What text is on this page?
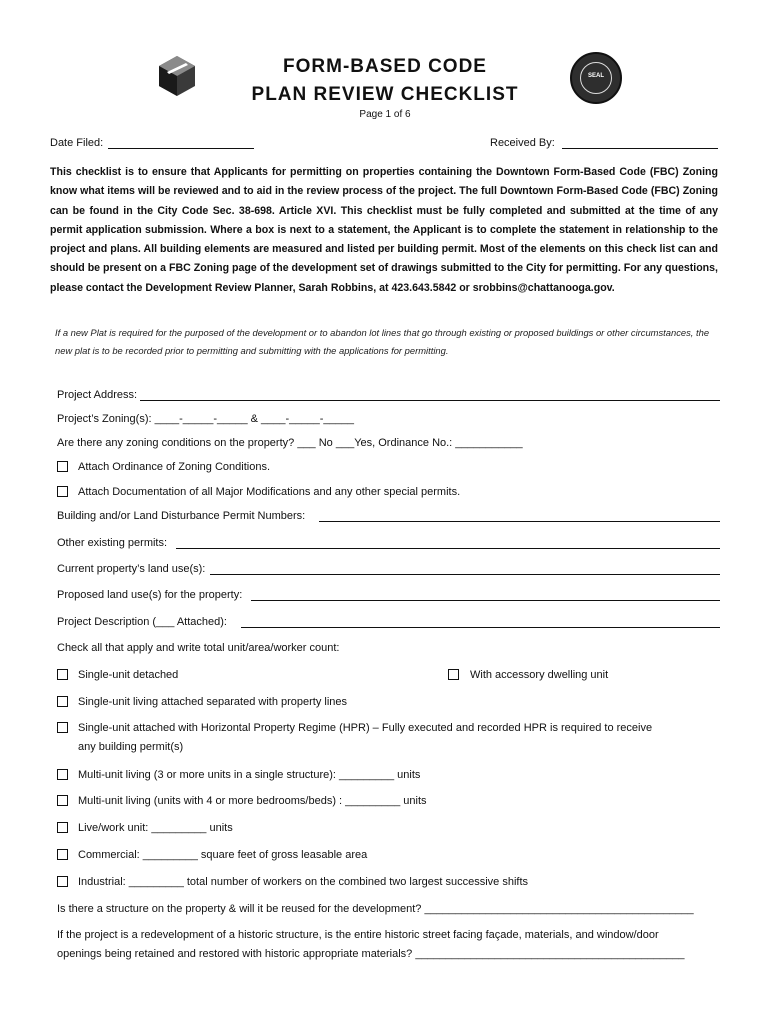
FORM-BASED CODE
PLAN REVIEW CHECKLIST
Page 1 of 6
SEAL
Date Filed:	Received By:
This checklist is to ensure that Applicants for permitting on properties containing the Downtown Form-Based Code (FBC) Zoning know what items will be reviewed and to aid in the review process of the project. The full Downtown Form-Based Code (FBC) Zoning can be found in the City Code Sec. 38-698. Article XVI. This checklist must be fully completed and submitted at the time of any permit application submission. Where a box is next to a statement, the Applicant is to complete the statement in relationship to the project and plans. All building elements are measured and listed per building permit. Most of the elements on this check list can and should be present on a FBC Zoning page of the development set of drawings submitted to the City for permitting. For any questions, please contact the Development Review Planner, Sarah Robbins, at 423.643.5842 or srobbins@chattanooga.gov.
If a new Plat is required for the purposed of the development or to abandon lot lines that go through existing or proposed buildings or other circumstances, the new plat is to be recorded prior to permitting and submitting with the applications for permitting.
Project Address:
Project’s Zoning(s): ____-_____-_____ & ____-_____-_____
Are there any zoning conditions on the property? ___ No ___Yes, Ordinance No.: ___________
Attach Ordinance of Zoning Conditions.
Attach Documentation of all Major Modifications and any other special permits.
Building and/or Land Disturbance Permit Numbers:
Other existing permits:
Current property’s land use(s):
Proposed land use(s) for the property:
Project Description (___ Attached):
Check all that apply and write total unit/area/worker count:
Single-unit detached	With accessory dwelling unit
Single-unit living attached separated with property lines
Single-unit attached with Horizontal Property Regime (HPR) – Fully executed and recorded HPR is required to receive
any building permit(s)
Multi-unit living (3 or more units in a single structure): _________ units
Multi-unit living (units with 4 or more bedrooms/beds) : _________ units
Live/work unit: _________ units
Commercial: _________ square feet of gross leasable area
Industrial: _________ total number of workers on the combined two largest successive shifts
Is there a structure on the property & will it be reused for the development? ____________________________________________
If the project is a redevelopment of a historic structure, is the entire historic street facing façade, materials, and window/door
openings being retained and restored with historic appropriate materials? ____________________________________________
